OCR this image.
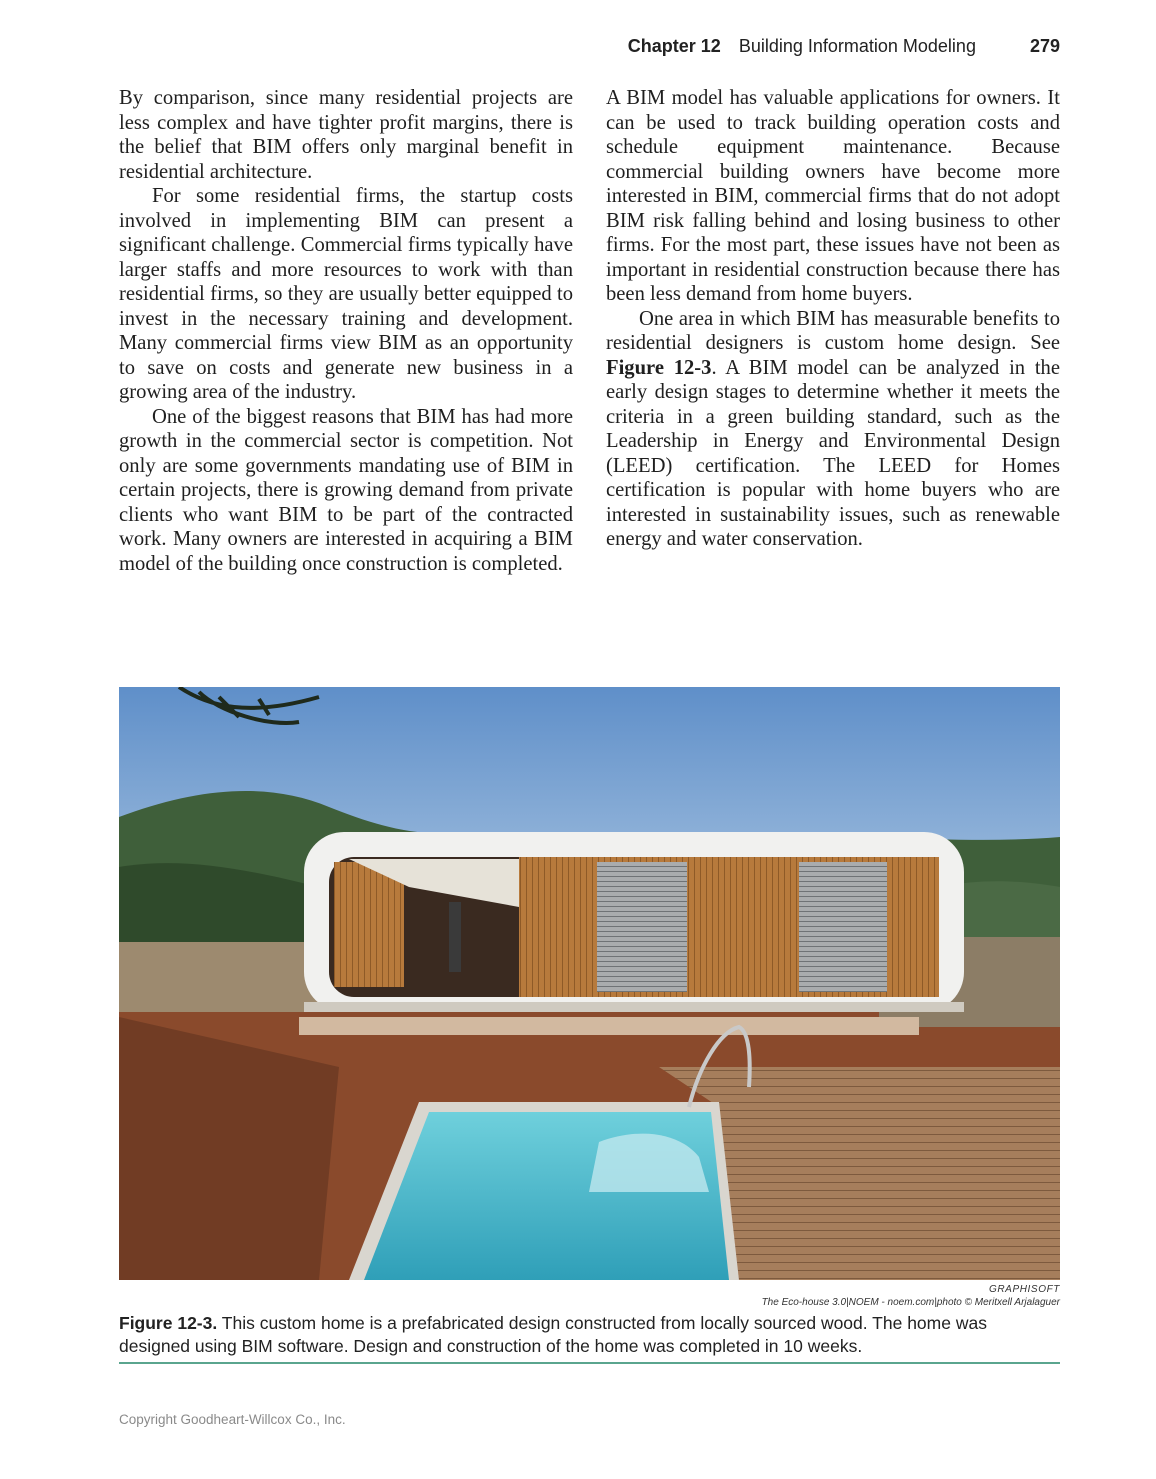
Chapter 12 Building Information Modeling	279

By comparison, since many residential projects are less complex and have tighter profit margins, there is the belief that BIM offers only marginal benefit in residential architecture.

For some residential firms, the startup costs involved in implementing BIM can present a significant challenge. Commercial firms typically have larger staffs and more resources to work with than residential firms, so they are usually better equipped to invest in the necessary training and development. Many commercial firms view BIM as an opportunity to save on costs and generate new business in a growing area of the industry.

One of the biggest reasons that BIM has had more growth in the commercial sector is competition. Not only are some governments mandating use of BIM in certain projects, there is growing demand from private clients who want BIM to be part of the contracted work. Many owners are interested in acquiring a BIM model of the building once construction is completed.

A BIM model has valuable applications for owners. It can be used to track building operation costs and schedule equipment maintenance. Because commercial building owners have become more interested in BIM, commercial firms that do not adopt BIM risk falling behind and losing business to other firms. For the most part, these issues have not been as important in residential construction because there has been less demand from home buyers.

One area in which BIM has measurable benefits to residential designers is custom home design. See Figure 12-3. A BIM model can be analyzed in the early design stages to determine whether it meets the criteria in a green building standard, such as the Leadership in Energy and Environmental Design (LEED) certification. The LEED for Homes certification is popular with home buyers who are interested in sustainability issues, such as renewable energy and water conservation.

GRAPHISOFT
The Eco-house 3.0|NOEM - noem.com|photo © Meritxell Arjalaguer
Figure 12-3. This custom home is a prefabricated design constructed from locally sourced wood. The home was designed using BIM software. Design and construction of the home was completed in 10 weeks.
Copyright Goodheart-Willcox Co., Inc.
